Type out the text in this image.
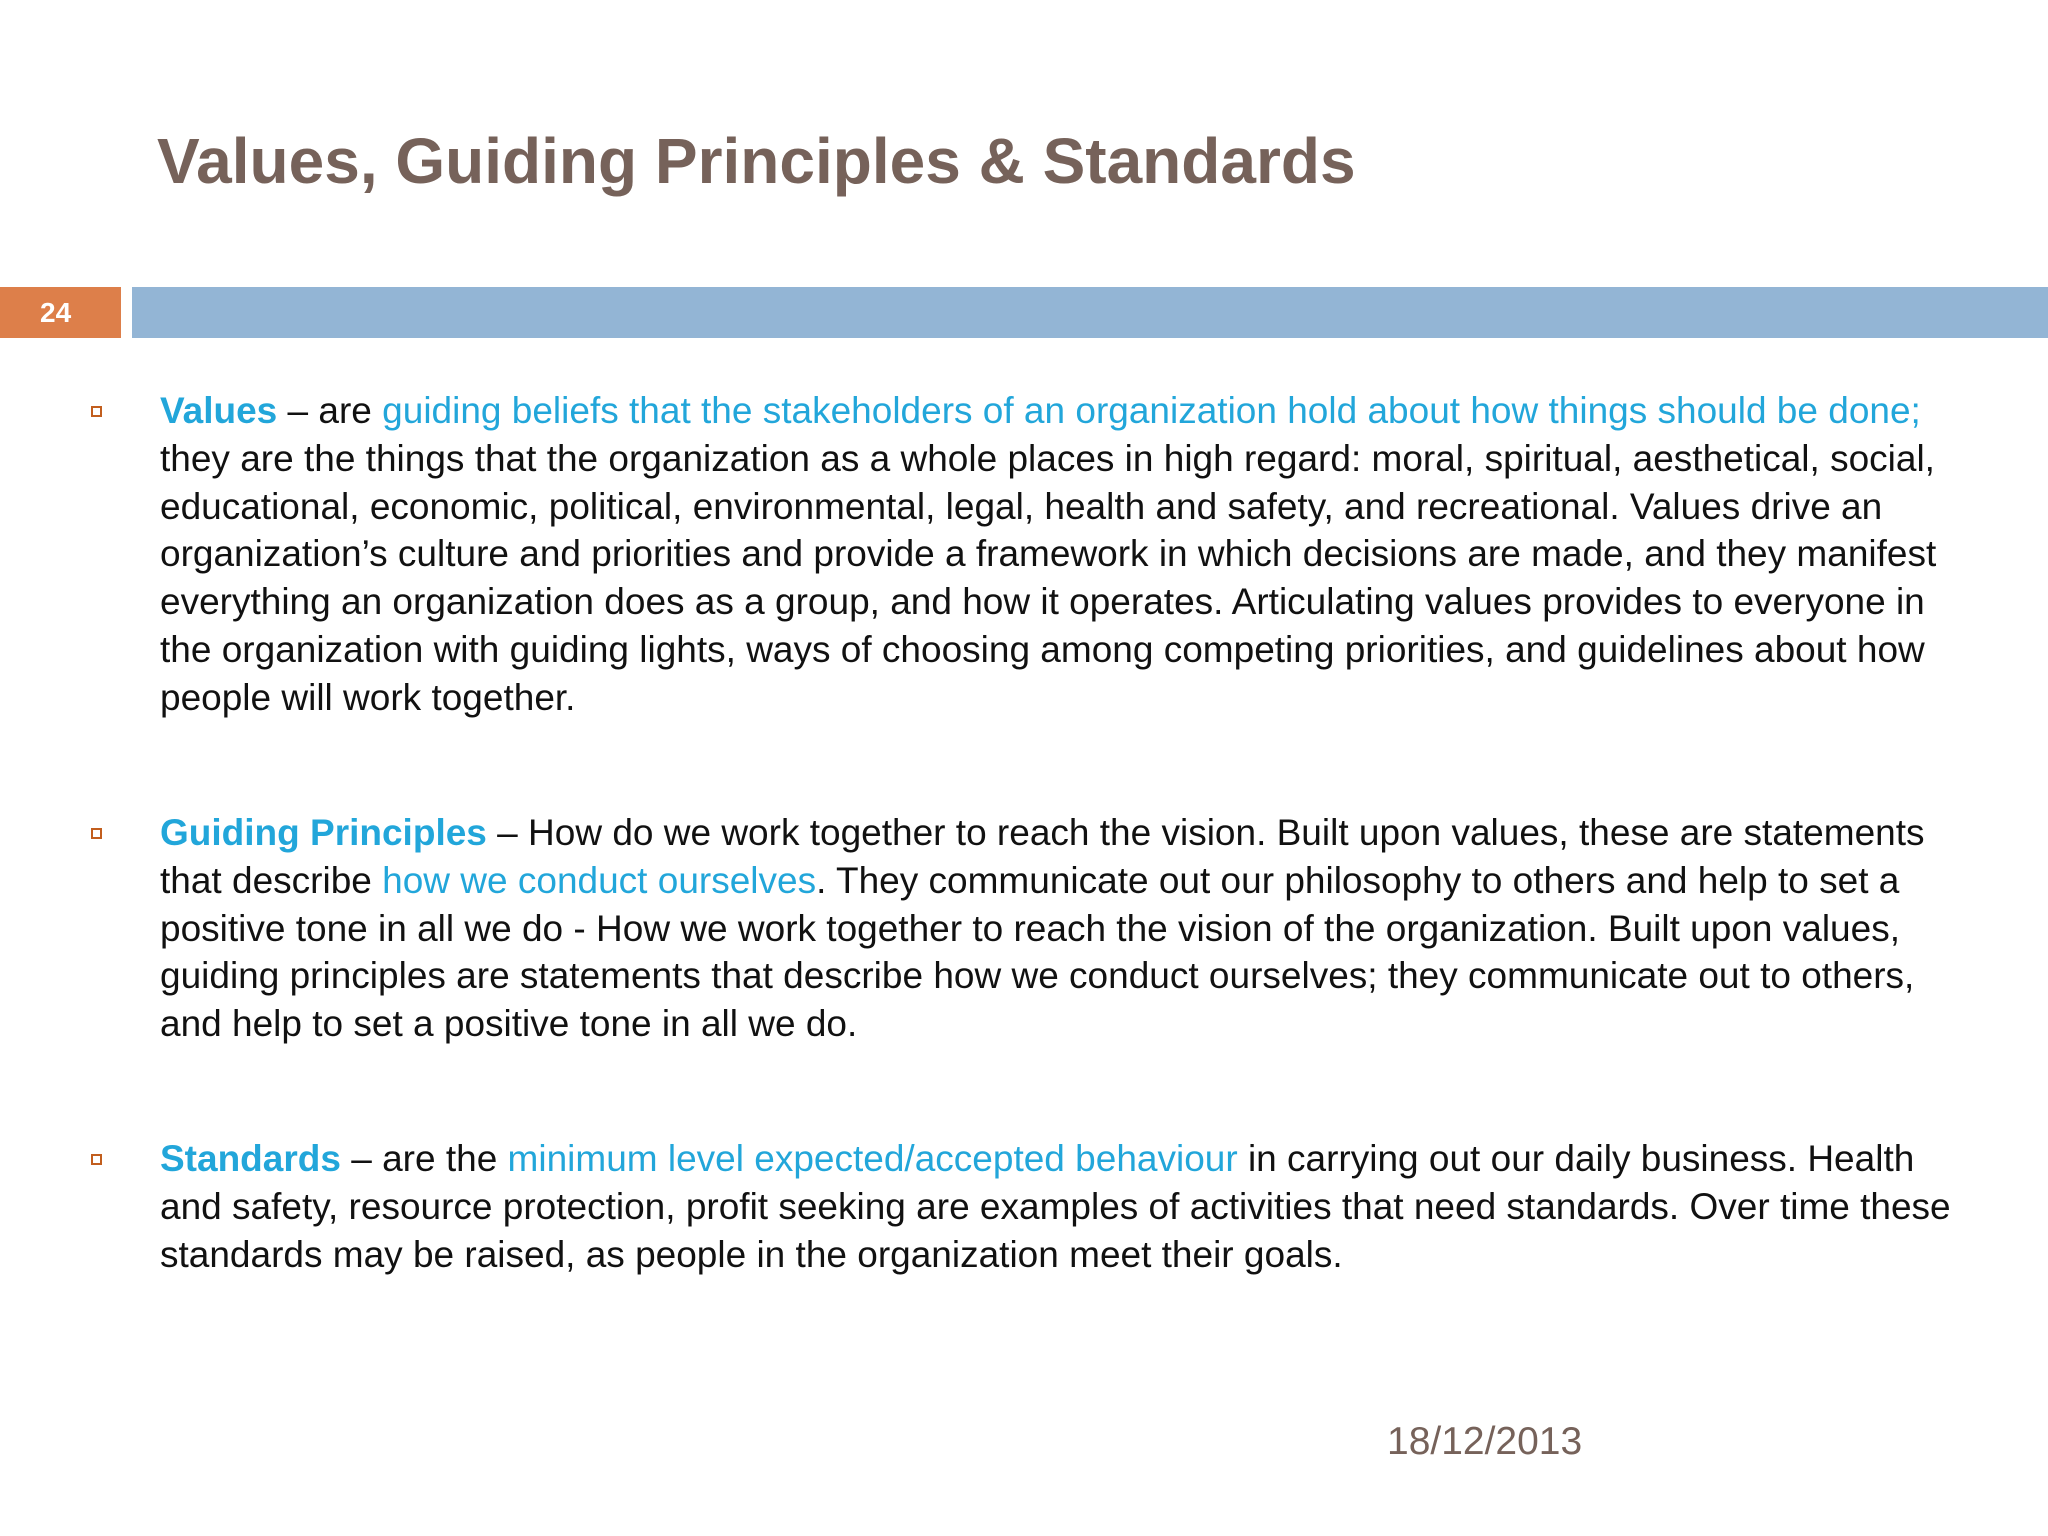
Values, Guiding Principles & Standards
24
Values – are guiding beliefs that the stakeholders of an organization hold about how things should be done; they are the things that the organization as a whole places in high regard: moral, spiritual, aesthetical, social, educational, economic, political, environmental, legal, health and safety, and recreational. Values drive an organization’s culture and priorities and provide a framework in which decisions are made, and they manifest everything an organization does as a group, and how it operates. Articulating values provides to everyone in the organization with guiding lights, ways of choosing among competing priorities, and guidelines about how people will work together.
Guiding Principles – How do we work together to reach the vision. Built upon values, these are statements that describe how we conduct ourselves. They communicate out our philosophy to others and help to set a positive tone in all we do - How we work together to reach the vision of the organization. Built upon values, guiding principles are statements that describe how we conduct ourselves; they communicate out to others, and help to set a positive tone in all we do.
Standards – are the minimum level expected/accepted behaviour in carrying out our daily business. Health and safety, resource protection, profit seeking are examples of activities that need standards. Over time these standards may be raised, as people in the organization meet their goals.
18/12/2013
